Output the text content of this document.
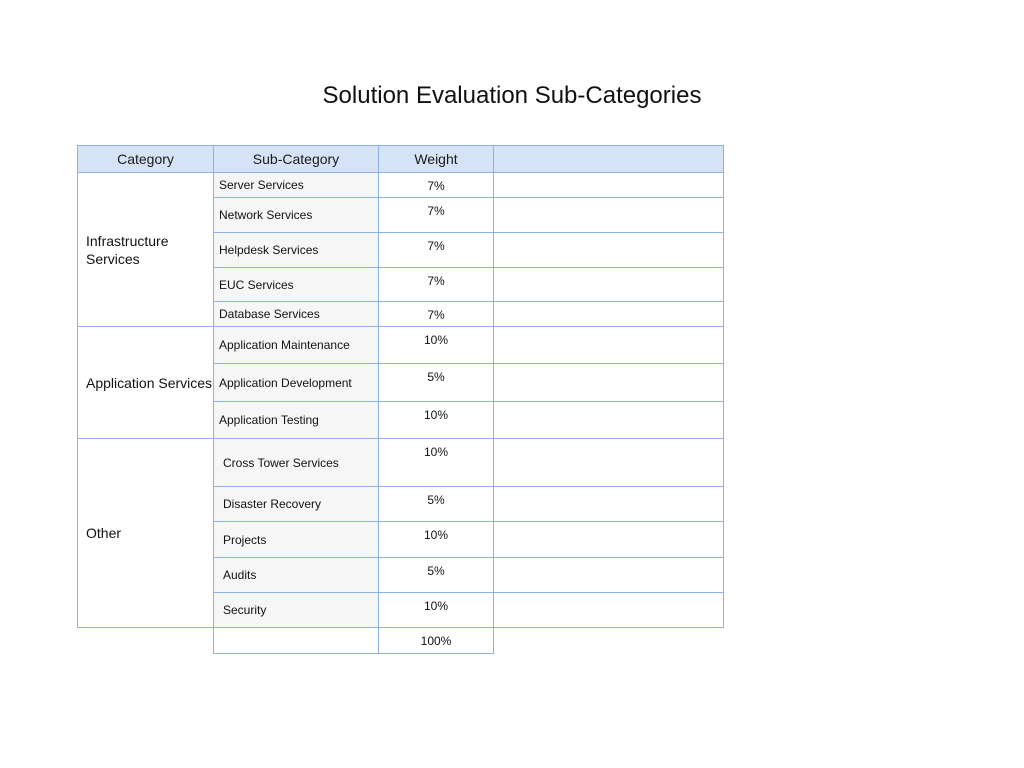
Solution Evaluation Sub-Categories
Category	Sub-Category	Weight	
Infrastructure Services	Server Services	7%	
	Network Services	7%	
	Helpdesk Services	7%	
	EUC Services	7%	
	Database Services	7%	
Application Services	Application Maintenance	10%	
	Application Development	5%	
	Application Testing	10%	
Other	Cross Tower Services	10%	
	Disaster Recovery	5%	
	Projects	10%	
	Audits	5%	
	Security	10%	
		100%	
